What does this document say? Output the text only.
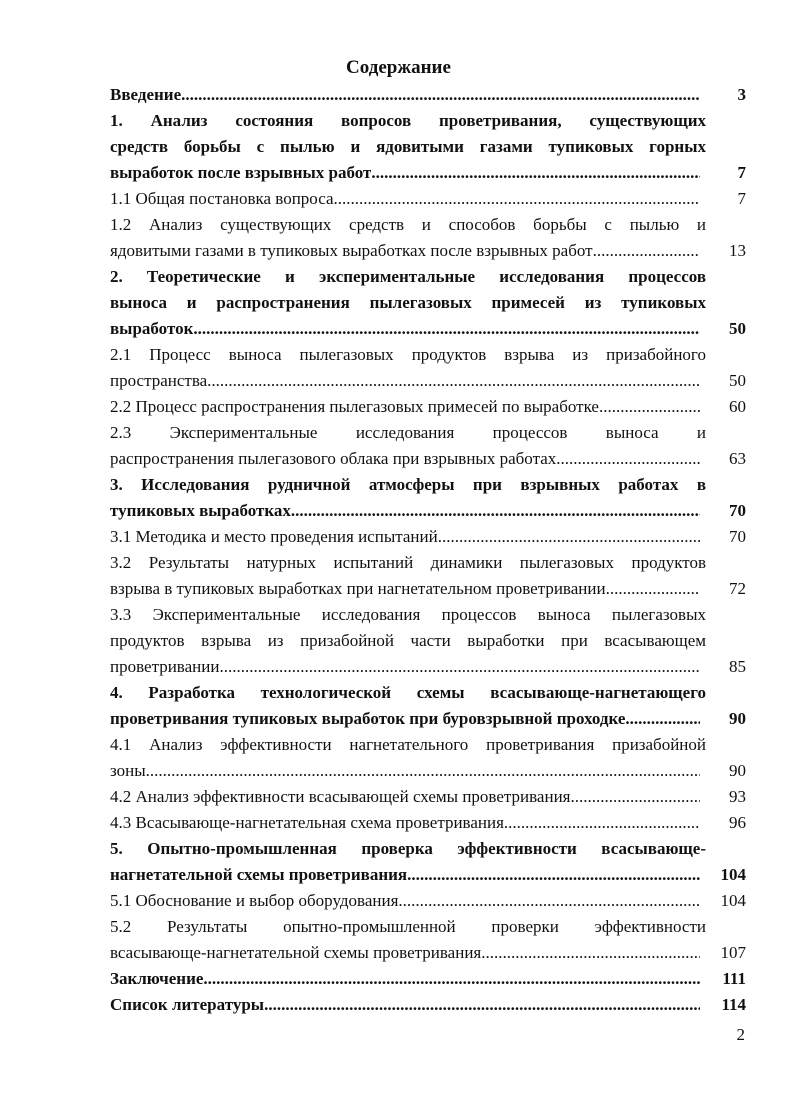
Содержание
Введение .....	3
1. Анализ состояния вопросов проветривания, существующих
средств борьбы с пылью и ядовитыми газами тупиковых горных
выработок после взрывных работ .....	7
1.1 Общая постановка вопроса .....	7
1.2 Анализ существующих средств и способов борьбы с пылью и
ядовитыми газами в тупиковых выработках после взрывных работ .....	13
2. Теоретические и экспериментальные исследования процессов
выноса и распространения пылегазовых примесей из тупиковых
выработок .....	50
2.1 Процесс выноса пылегазовых продуктов взрыва из призабойного
пространства .....	50
2.2 Процесс распространения пылегазовых примесей по выработке .....	60
2.3 Экспериментальные исследования процессов выноса и
распространения пылегазового облака при взрывных работах .....	63
3. Исследования рудничной атмосферы при взрывных работах в
тупиковых выработках .....	70
3.1 Методика и место проведения испытаний .....	70
3.2 Результаты натурных испытаний динамики пылегазовых продуктов
взрыва в тупиковых выработках при нагнетательном проветривании .....	72
3.3 Экспериментальные исследования процессов выноса пылегазовых
продуктов взрыва из призабойной части выработки при всасывающем
проветривании .....	85
4. Разработка технологической схемы всасывающе-нагнетающего
проветривания тупиковых выработок при буровзрывной проходке... .....	90
4.1 Анализ эффективности нагнетательного проветривания призабойной
зоны .....	90
4.2 Анализ эффективности всасывающей схемы проветривания .....	93
4.3 Всасывающе-нагнетательная схема проветривания .....	96
5. Опытно-промышленная проверка эффективности всасывающе-
нагнетательной схемы проветривания .....	104
5.1 Обоснование и выбор оборудования .....	104
5.2 Результаты опытно-промышленной проверки эффективности
всасывающе-нагнетательной схемы проветривания .....	107
Заключение .....	111
Список литературы .....	114
2
